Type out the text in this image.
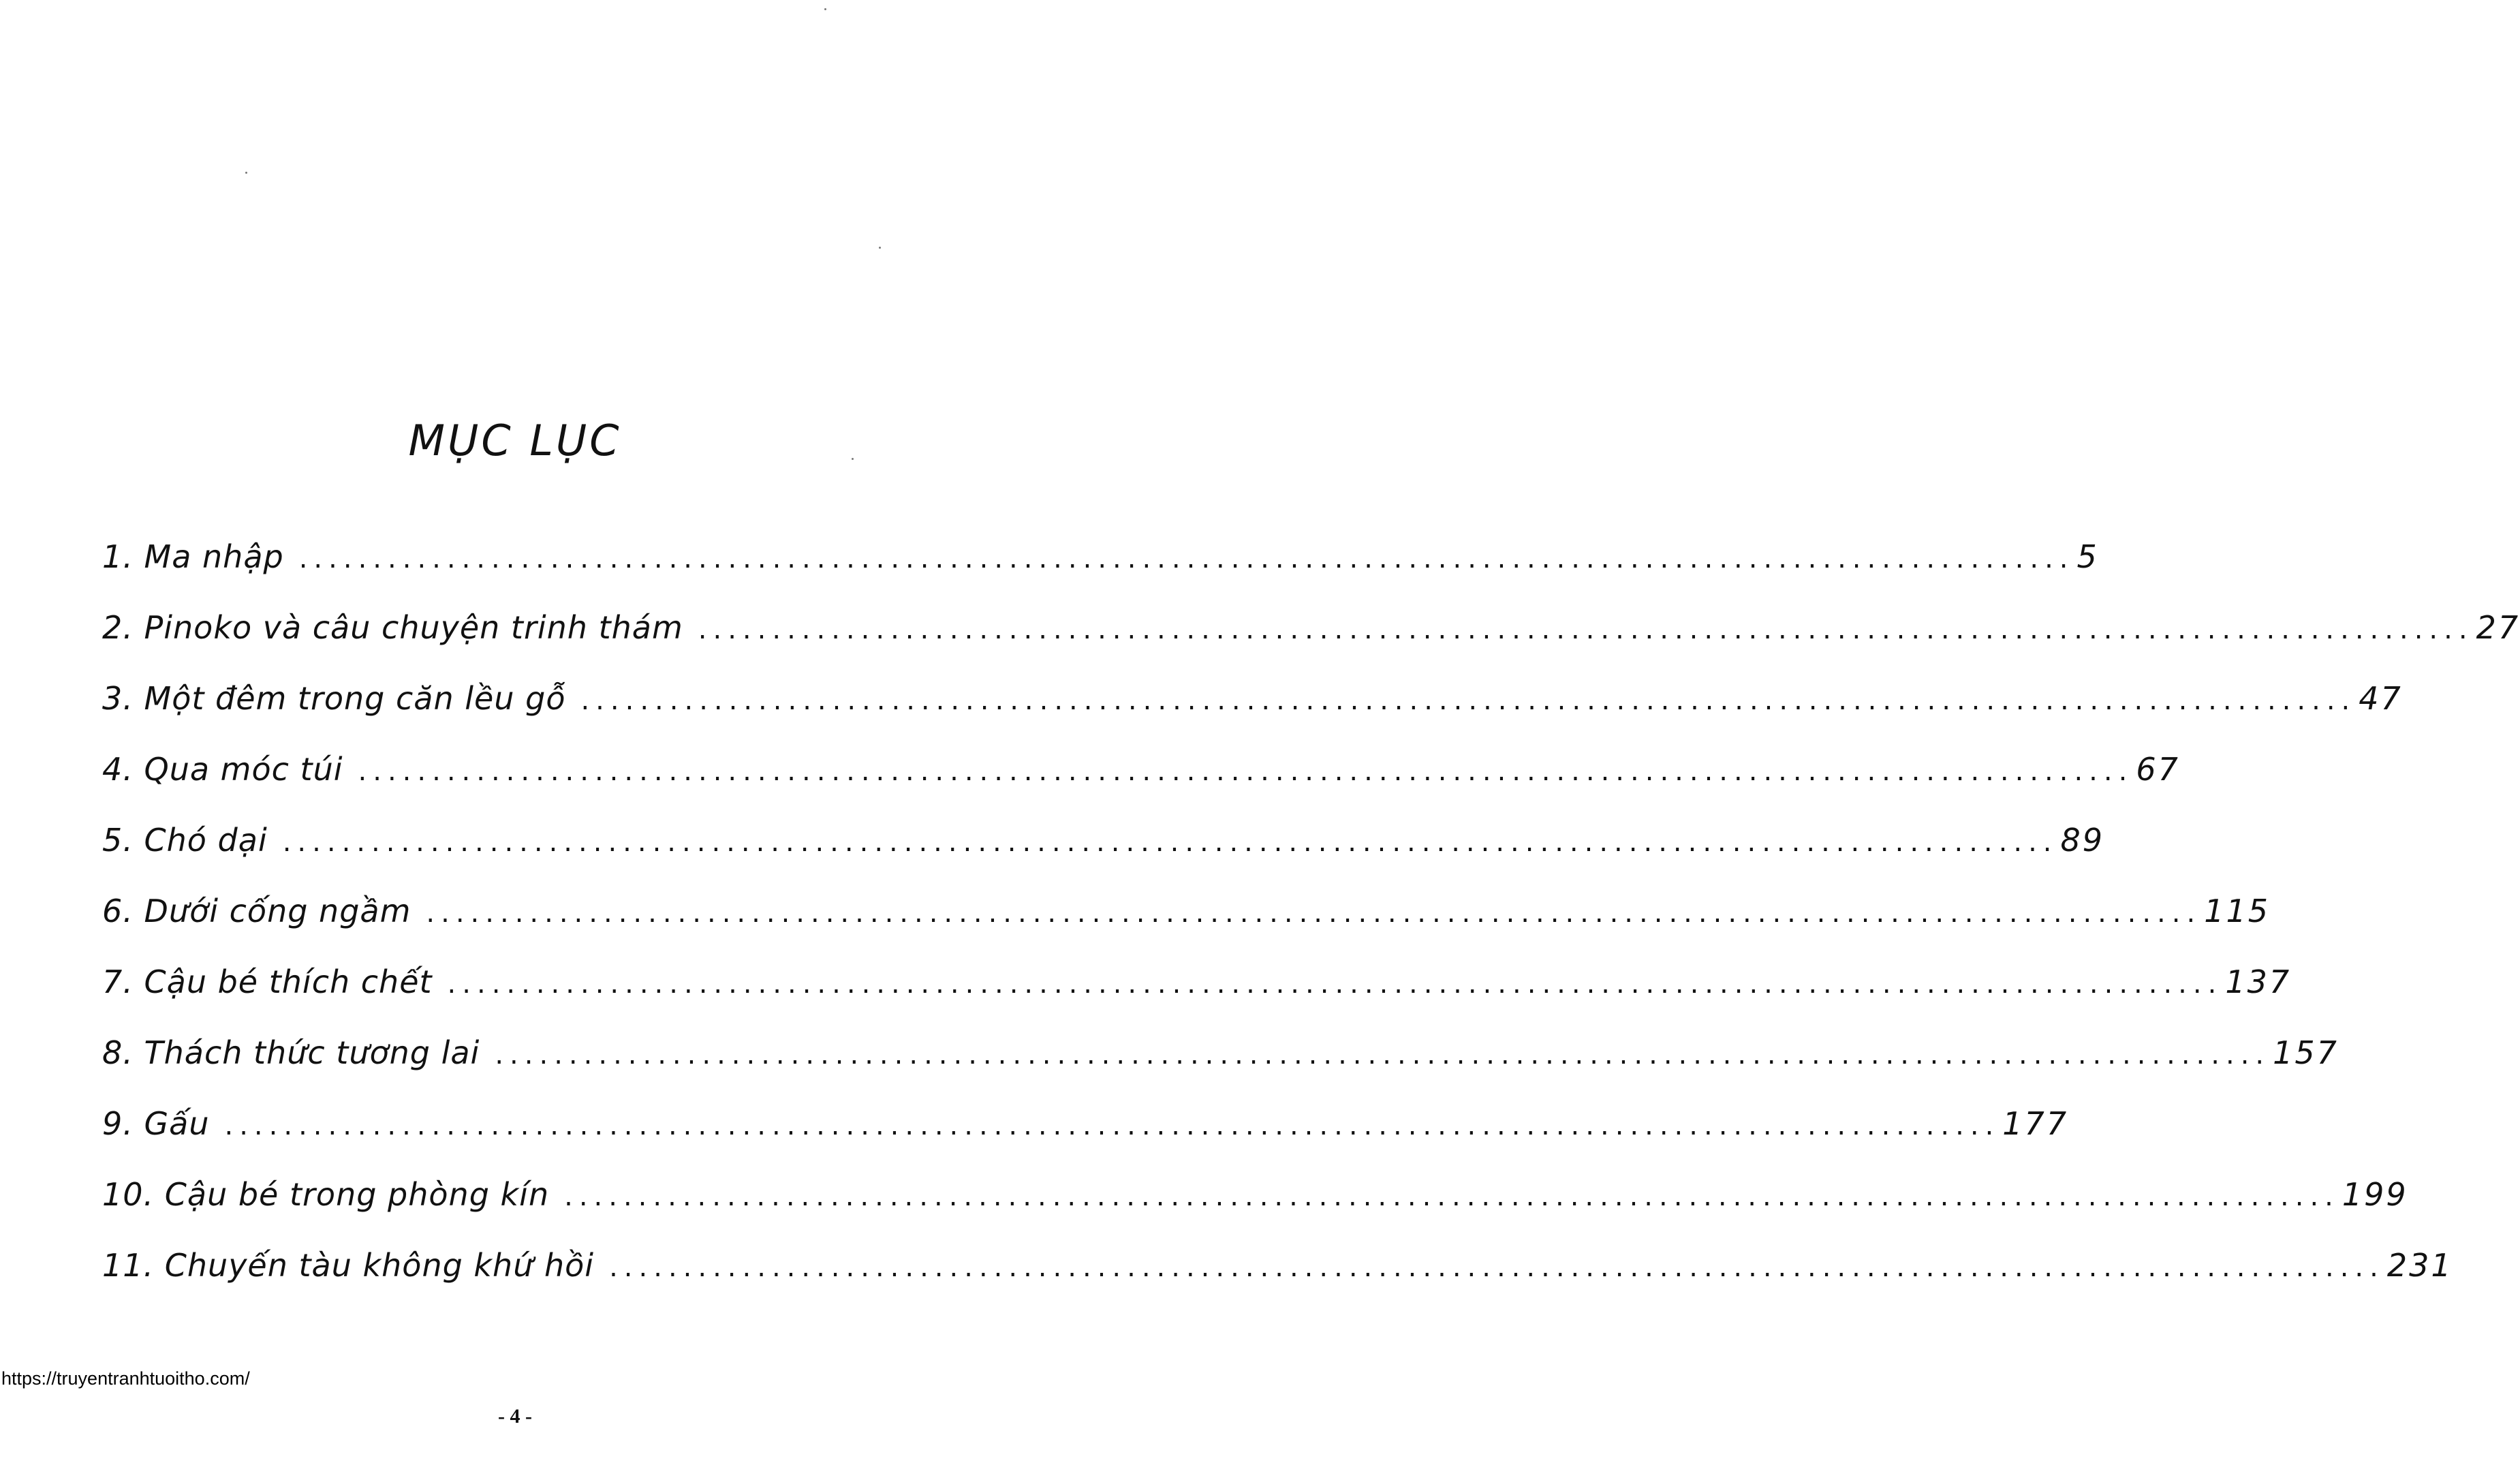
MỤC LỤC
1. Ma nhập ........................................................................................................................ 5
2. Pinoko và câu chuyện trinh thám ........................................................................................................................ 27
3. Một đêm trong căn lều gỗ ........................................................................................................................ 47
4. Qua móc túi ........................................................................................................................ 67
5. Chó dại ........................................................................................................................ 89
6. Dưới cống ngầm ........................................................................................................................ 115
7. Cậu bé thích chết ........................................................................................................................ 137
8. Thách thức tương lai ........................................................................................................................ 157
9. Gấu ........................................................................................................................ 177
10. Cậu bé trong phòng kín ........................................................................................................................ 199
11. Chuyến tàu không khứ hồi ........................................................................................................................ 231
https://truyentranhtuoitho.com/
- 4 -
